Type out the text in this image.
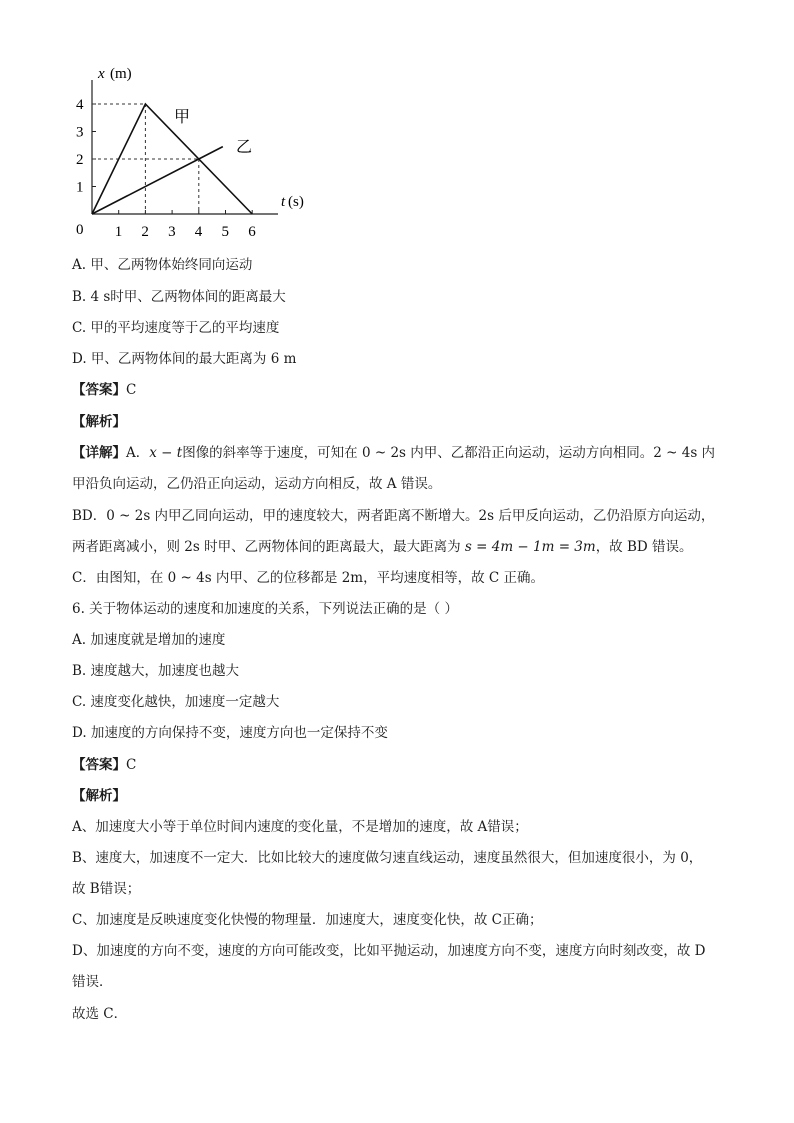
x (m)
t (s)
0
1
2
3
4
1 2 3 4 5 6
甲
乙
A. 甲、乙两物体始终同向运动
B. 4 s时甲、乙两物体间的距离最大
C. 甲的平均速度等于乙的平均速度
D. 甲、乙两物体间的最大距离为 6 m
【答案】C
【解析】
【详解】A．x − t图像的斜率等于速度，可知在 0 ~ 2s 内甲、乙都沿正向运动，运动方向相同。2 ~ 4s 内
甲沿负向运动，乙仍沿正向运动，运动方向相反，故 A 错误。
BD．0 ~ 2s 内甲乙同向运动，甲的速度较大，两者距离不断增大。2s 后甲反向运动，乙仍沿原方向运动，
两者距离减小，则 2s 时甲、乙两物体间的距离最大，最大距离为 s = 4m − 1m = 3m，故 BD 错误。
C．由图知，在 0 ~ 4s 内甲、乙的位移都是 2m，平均速度相等，故 C 正确。
6. 关于物体运动的速度和加速度的关系，下列说法正确的是（ ）
A. 加速度就是增加的速度
B. 速度越大，加速度也越大
C. 速度变化越快，加速度一定越大
D. 加速度的方向保持不变，速度方向也一定保持不变
【答案】C
【解析】
A、加速度大小等于单位时间内速度的变化量，不是增加的速度，故 A错误；
B、速度大，加速度不一定大．比如比较大的速度做匀速直线运动，速度虽然很大，但加速度很小，为 0，
故 B错误；
C、加速度是反映速度变化快慢的物理量．加速度大，速度变化快，故 C正确；
D、加速度的方向不变，速度的方向可能改变，比如平抛运动，加速度方向不变，速度方向时刻改变，故 D
错误．
故选 C．
